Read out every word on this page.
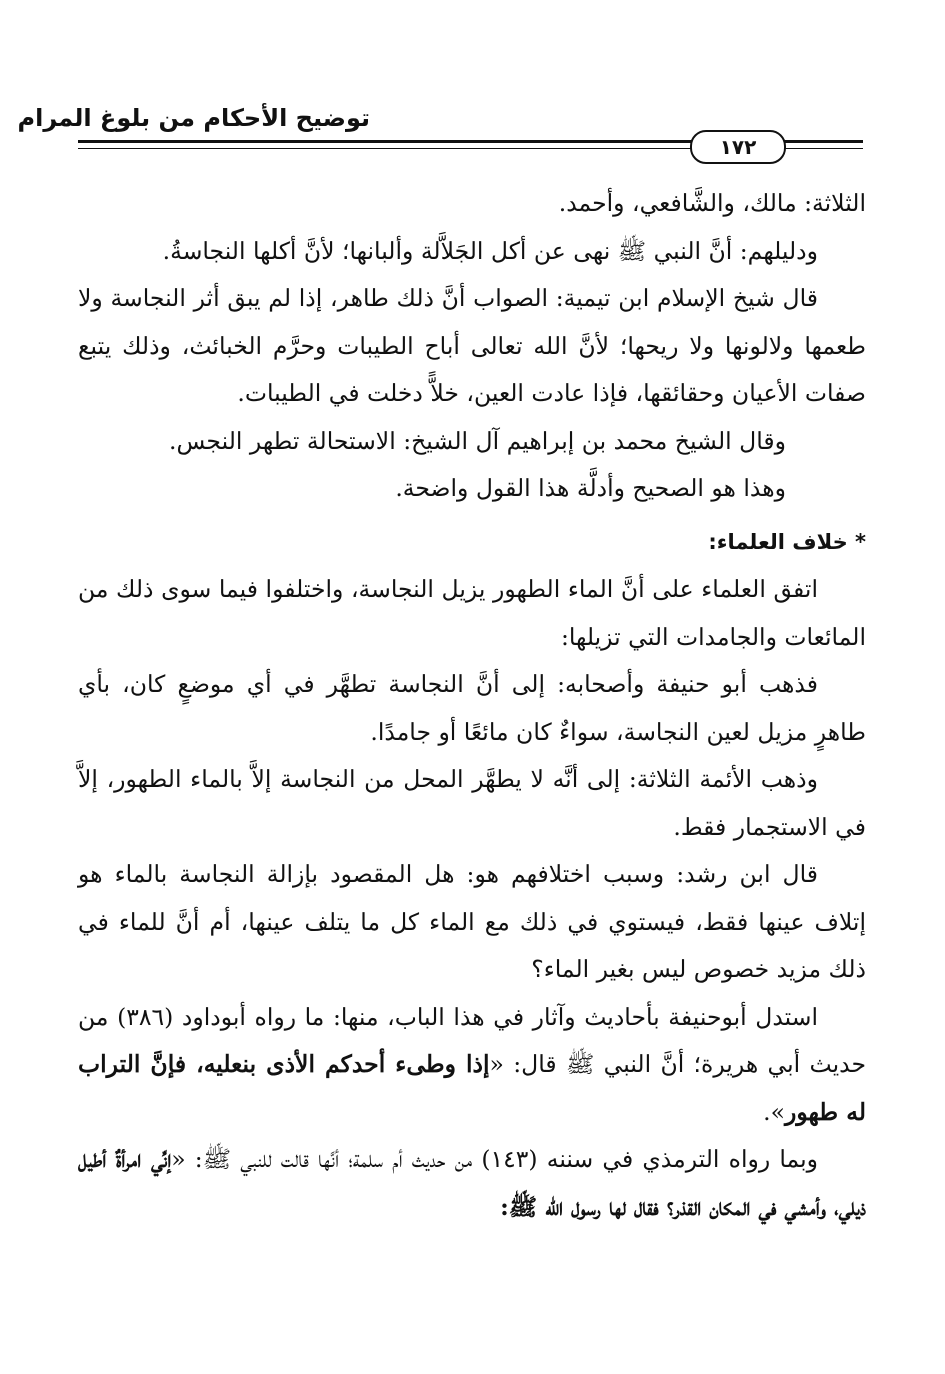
توضيح الأحكام من بلوغ المرام
١٧٢

الثلاثة: مالك، والشَّافعي، وأحمد.

ودليلهم: أنَّ النبي ﷺ نهى عن أكل الجَلاَّلة وألبانها؛ لأنَّ أكلها النجاسةُ.

قال شيخ الإسلام ابن تيمية: الصواب أنَّ ذلك طاهر، إذا لم يبق أثر النجاسة ولا طعمها ولالونها ولا ريحها؛ لأنَّ الله تعالى أباح الطيبات وحرَّم الخبائث، وذلك يتبع صفات الأعيان وحقائقها، فإذا عادت العين، خلاًّ دخلت في الطيبات.

وقال الشيخ محمد بن إبراهيم آل الشيخ: الاستحالة تطهر النجس.

وهذا هو الصحيح وأدلَّة هذا القول واضحة.

* خلاف العلماء:

اتفق العلماء على أنَّ الماء الطهور يزيل النجاسة، واختلفوا فيما سوى ذلك من المائعات والجامدات التي تزيلها:

فذهب أبو حنيفة وأصحابه: إلى أنَّ النجاسة تطهَّر في أي موضعٍ كان، بأي طاهرٍ مزيل لعين النجاسة، سواءٌ كان مائعًا أو جامدًا.

وذهب الأئمة الثلاثة: إلى أنَّه لا يطهَّر المحل من النجاسة إلاَّ بالماء الطهور، إلاَّ في الاستجمار فقط.

قال ابن رشد: وسبب اختلافهم هو: هل المقصود بإزالة النجاسة بالماء هو إتلاف عينها فقط، فيستوي في ذلك مع الماء كل ما يتلف عينها، أم أنَّ للماء في ذلك مزيد خصوص ليس بغير الماء؟

استدل أبوحنيفة بأحاديث وآثار في هذا الباب، منها: ما رواه أبوداود (٣٨٦) من حديث أبي هريرة؛ أنَّ النبي ﷺ قال: «إذا وطىء أحدكم الأذى بنعليه، فإنَّ التراب له طهور».

وبما رواه الترمذي في سننه (١٤٣) من حديث أم سلمة؛ أنَّها قالت للنبي ﷺ: «إنِّي امرأةٌ أطيل ذيلي، وأمشي في المكان القذر؟ فقال لها رسول الله ﷺ:
